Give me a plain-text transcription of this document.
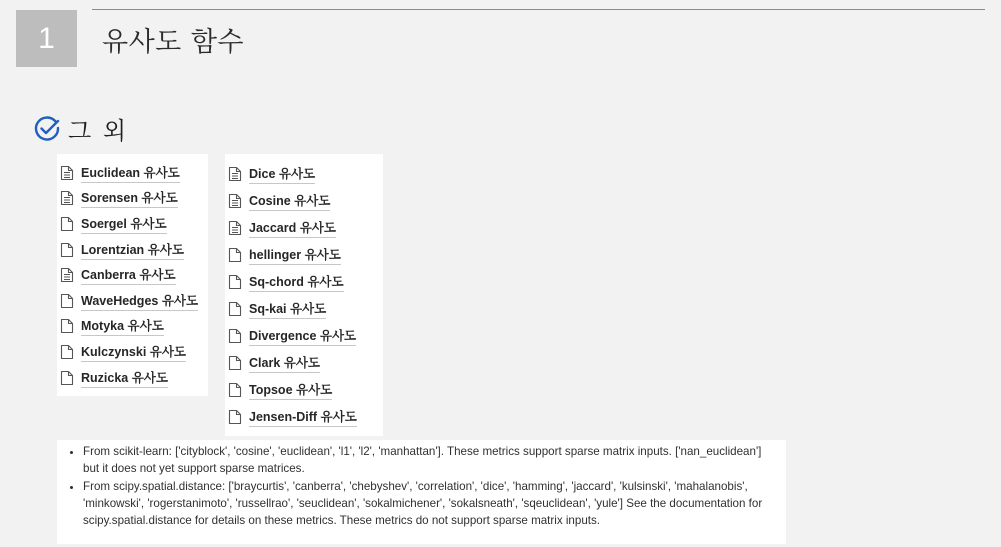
1	유사도 함수
그 외
Euclidean 유사도
Sorensen 유사도
Soergel 유사도
Lorentzian 유사도
Canberra 유사도
WaveHedges 유사도
Motyka 유사도
Kulczynski 유사도
Ruzicka 유사도
Dice 유사도
Cosine 유사도
Jaccard 유사도
hellinger 유사도
Sq-chord 유사도
Sq-kai 유사도
Divergence 유사도
Clark 유사도
Topsoe 유사도
Jensen-Diff 유사도
• From scikit-learn: ['cityblock', 'cosine', 'euclidean', 'l1', 'l2', 'manhattan']. These metrics support sparse matrix inputs. ['nan_euclidean'] but it does not yet support sparse matrices.
• From scipy.spatial.distance: ['braycurtis', 'canberra', 'chebyshev', 'correlation', 'dice', 'hamming', 'jaccard', 'kulsinski', 'mahalanobis', 'minkowski', 'rogerstanimoto', 'russellrao', 'seuclidean', 'sokalmichener', 'sokalsneath', 'sqeuclidean', 'yule'] See the documentation for scipy.spatial.distance for details on these metrics. These metrics do not support sparse matrix inputs.
